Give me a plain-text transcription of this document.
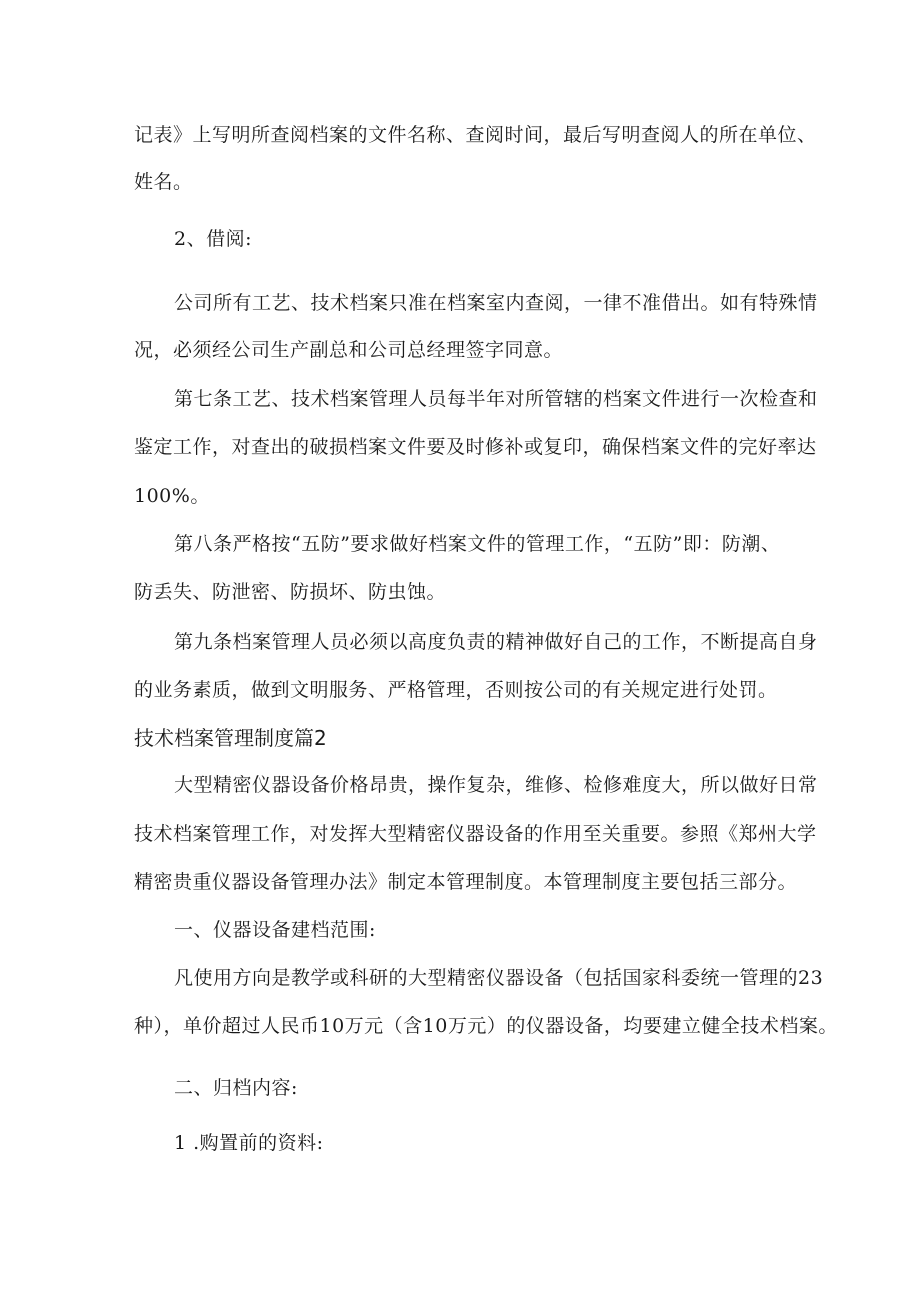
记表》上写明所查阅档案的文件名称、查阅时间，最后写明查阅人的所在单位、
姓名。
2、借阅:
公司所有工艺、技术档案只准在档案室内查阅，一律不准借出。如有特殊情
况，必须经公司生产副总和公司总经理签字同意。
第七条工艺、技术档案管理人员每半年对所管辖的档案文件进行一次检查和
鉴定工作，对查出的破损档案文件要及时修补或复印，确保档案文件的完好率达
100%。
第八条严格按“五防”要求做好档案文件的管理工作，“五防”即：防潮、
防丢失、防泄密、防损坏、防虫蚀。
第九条档案管理人员必须以高度负责的精神做好自己的工作，不断提高自身
的业务素质，做到文明服务、严格管理，否则按公司的有关规定进行处罚。
技术档案管理制度篇2
大型精密仪器设备价格昂贵，操作复杂，维修、检修难度大，所以做好日常
技术档案管理工作，对发挥大型精密仪器设备的作用至关重要。参照《郑州大学
精密贵重仪器设备管理办法》制定本管理制度。本管理制度主要包括三部分。
一、仪器设备建档范围:
凡使用方向是教学或科研的大型精密仪器设备（包括国家科委统一管理的23
种），单价超过人民币10万元（含10万元）的仪器设备，均要建立健全技术档案。
二、归档内容:
1 .购置前的资料:
